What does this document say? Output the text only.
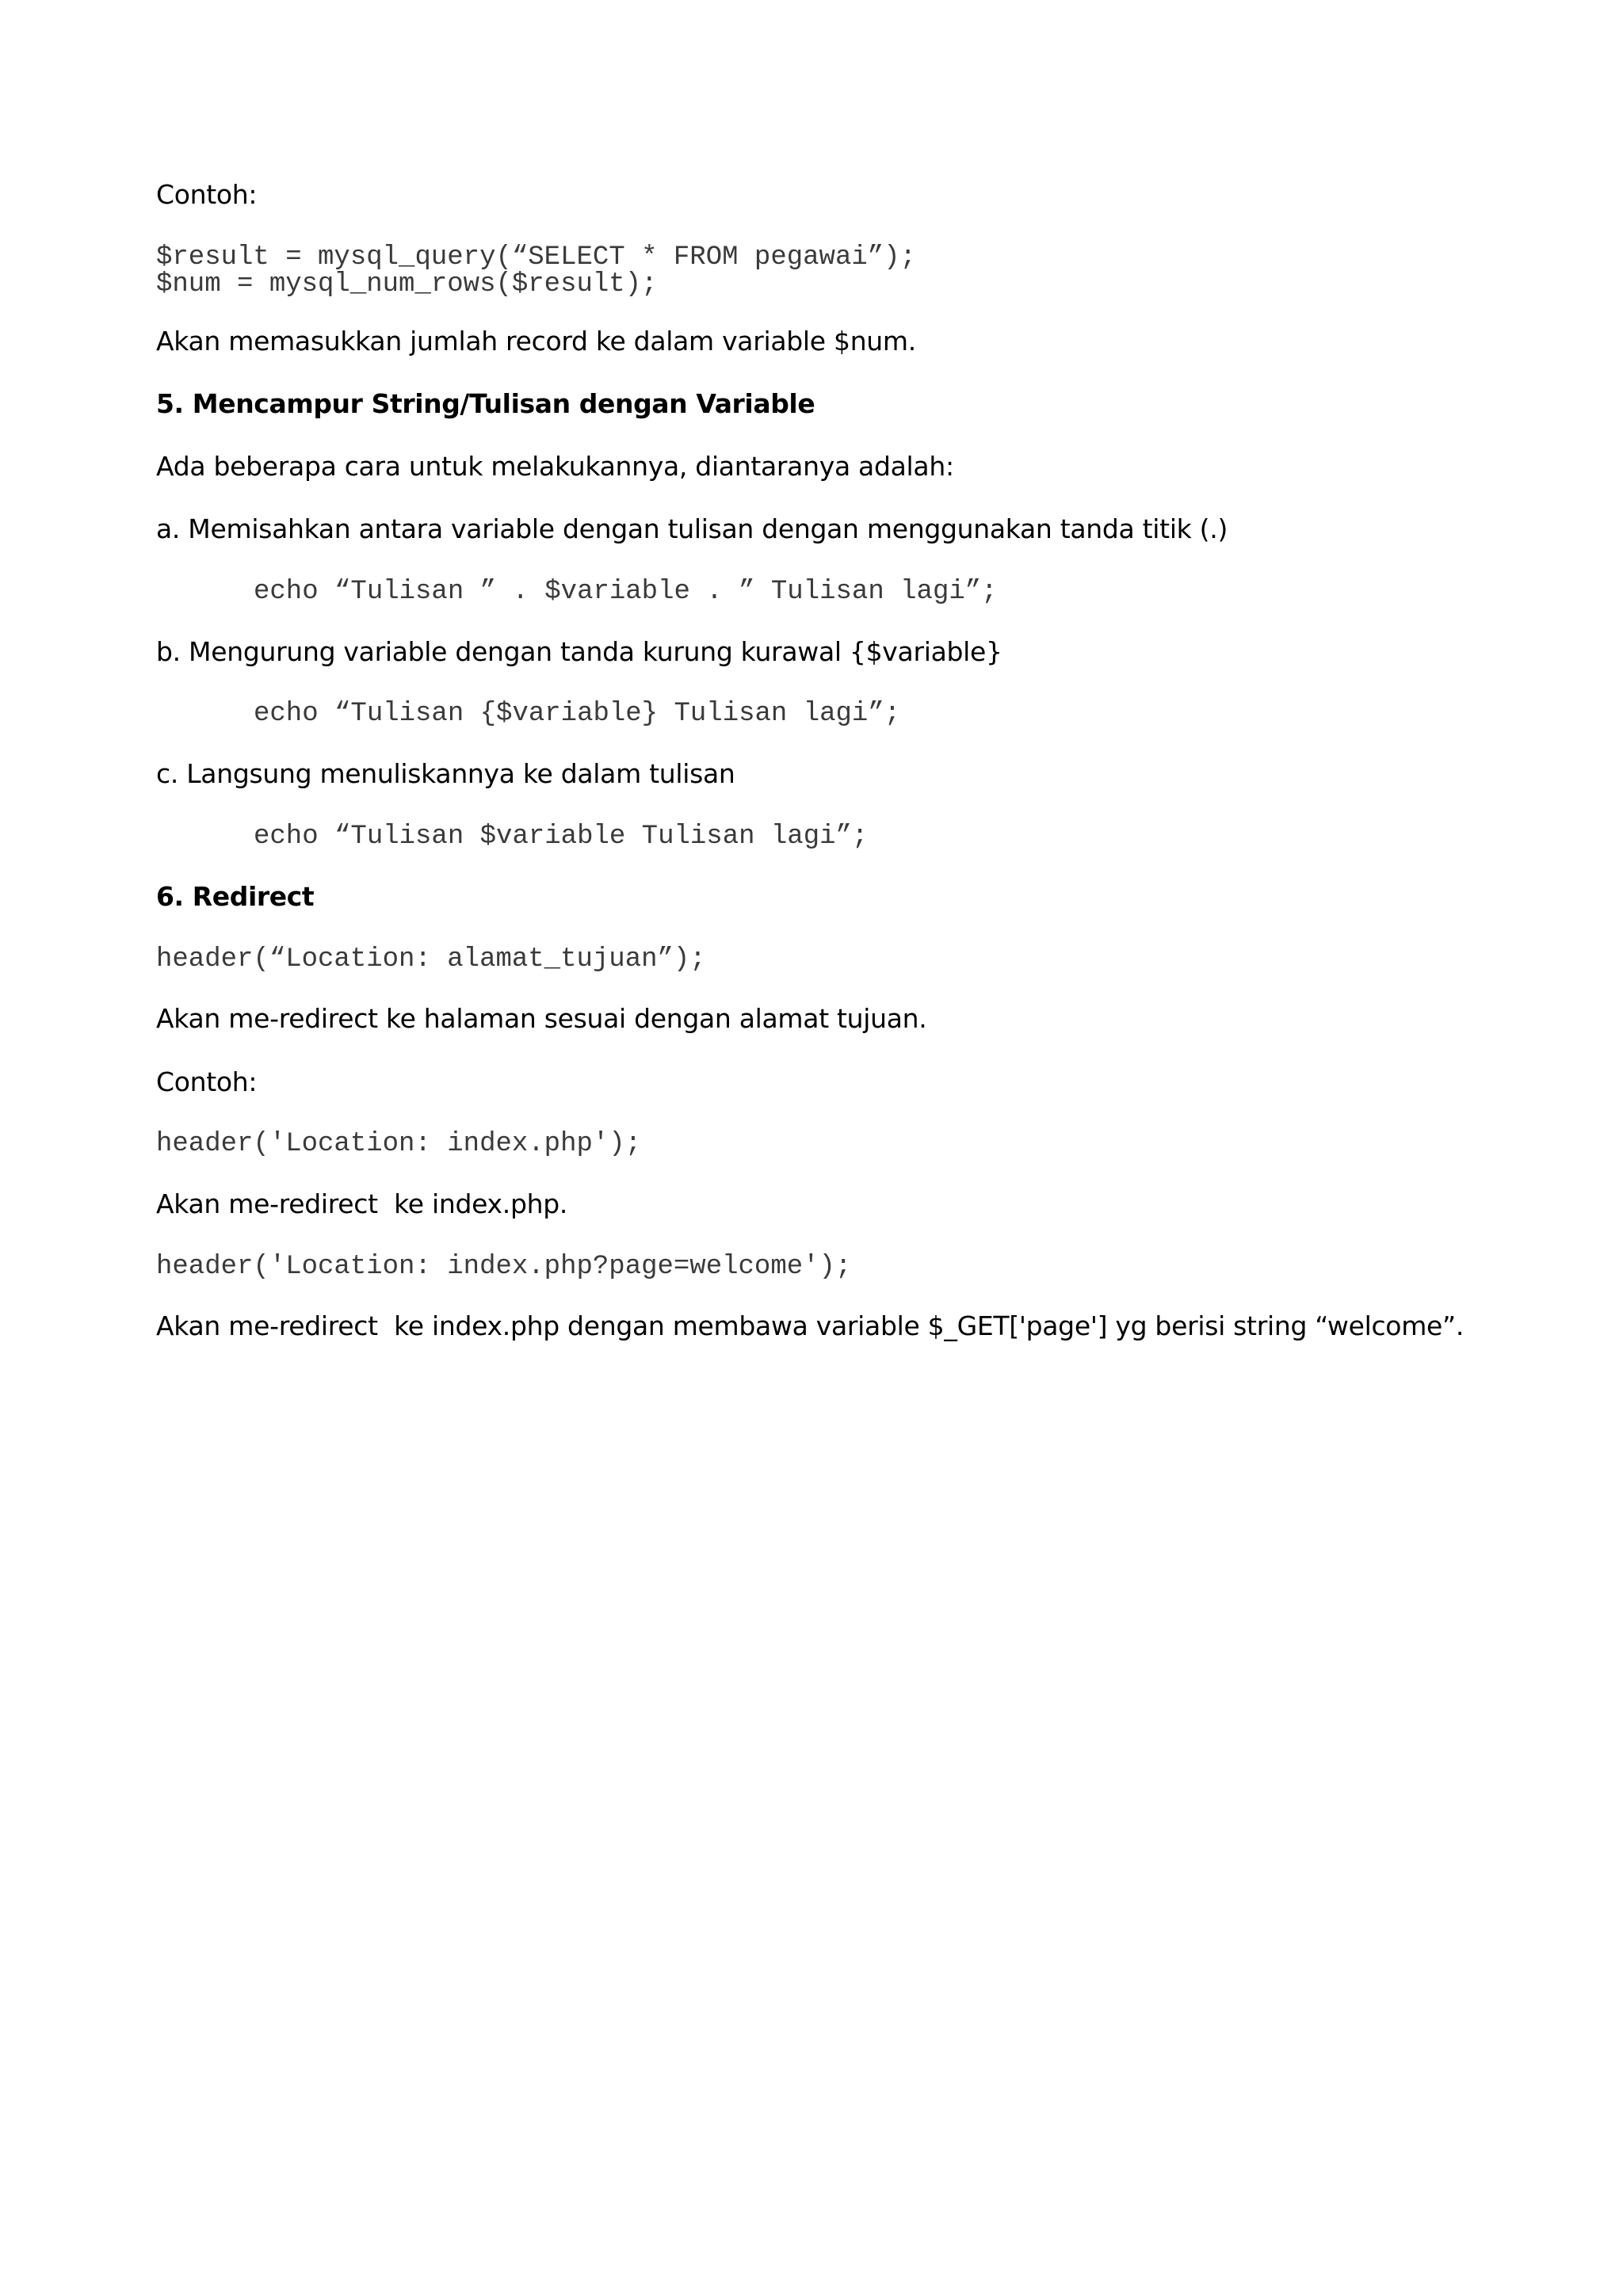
Contoh:

$result = mysql_query(“SELECT * FROM pegawai”);

$num = mysql_num_rows($result);

Akan memasukkan jumlah record ke dalam variable $num.

5. Mencampur String/Tulisan dengan Variable

Ada beberapa cara untuk melakukannya, diantaranya adalah:

a. Memisahkan antara variable dengan tulisan dengan menggunakan tanda titik (.)

echo “Tulisan ” . $variable . ” Tulisan lagi”;

b. Mengurung variable dengan tanda kurung kurawal {$variable}

echo “Tulisan {$variable} Tulisan lagi”;

c. Langsung menuliskannya ke dalam tulisan

echo “Tulisan $variable Tulisan lagi”;

6. Redirect

header(“Location: alamat_tujuan”);

Akan me-redirect ke halaman sesuai dengan alamat tujuan.

Contoh:

header('Location: index.php');

Akan me-redirect  ke index.php.

header('Location: index.php?page=welcome');

Akan me-redirect  ke index.php dengan membawa variable $_GET['page'] yg berisi string “welcome”.
